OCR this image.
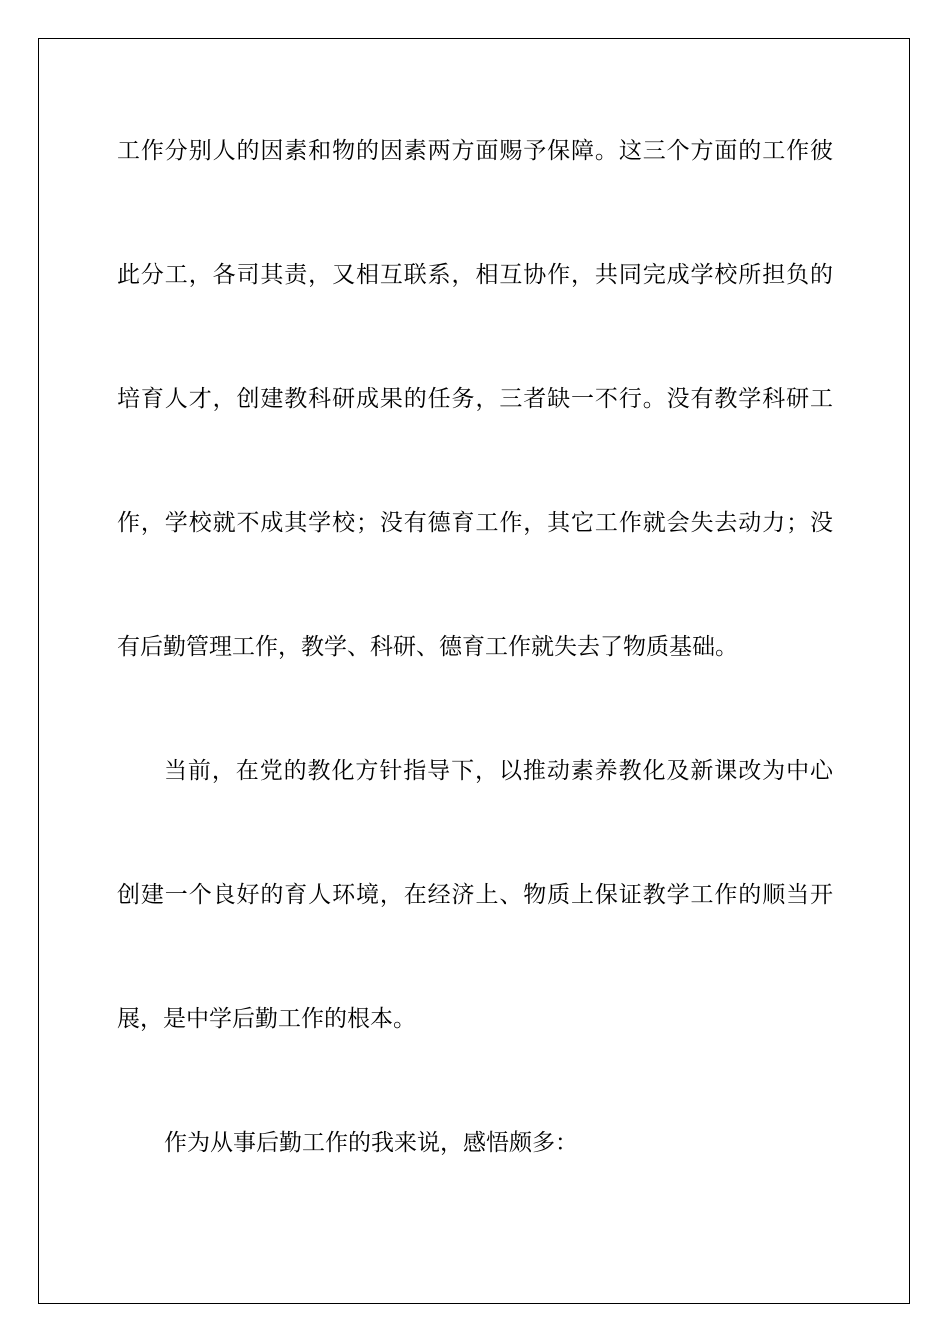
工作分别人的因素和物的因素两方面赐予保障。这三个方面的工作彼
此分工，各司其责，又相互联系，相互协作，共同完成学校所担负的
培育人才，创建教科研成果的任务，三者缺一不行。没有教学科研工
作，学校就不成其学校；没有德育工作，其它工作就会失去动力；没
有后勤管理工作，教学、科研、德育工作就失去了物质基础。
当前，在党的教化方针指导下，以推动素养教化及新课改为中心
创建一个良好的育人环境，在经济上、物质上保证教学工作的顺当开
展，是中学后勤工作的根本。
作为从事后勤工作的我来说，感悟颇多：
